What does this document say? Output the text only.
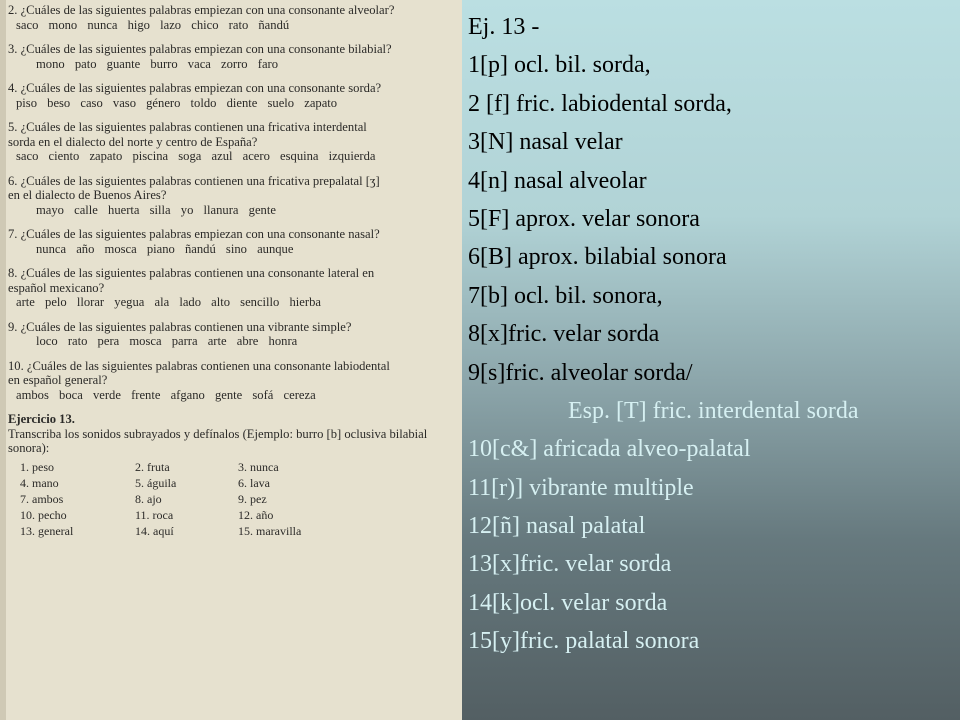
2. ¿Cuáles de las siguientes palabras empiezan con una consonante alveolar?
saco mono nunca higo lazo chico rato ñandú
3. ¿Cuáles de las siguientes palabras empiezan con una consonante bilabial?
mono pato guante burro vaca zorro faro
4. ¿Cuáles de las siguientes palabras empiezan con una consonante sorda?
piso beso caso vaso género toldo diente suelo zapato
5. ¿Cuáles de las siguientes palabras contienen una fricativa interdental
sorda en el dialecto del norte y centro de España?
saco ciento zapato piscina soga azul acero esquina izquierda
6. ¿Cuáles de las siguientes palabras contienen una fricativa prepalatal [ʒ]
en el dialecto de Buenos Aires?
mayo calle huerta silla yo llanura gente
7. ¿Cuáles de las siguientes palabras empiezan con una consonante nasal?
nunca año mosca piano ñandú sino aunque
8. ¿Cuáles de las siguientes palabras contienen una consonante lateral en
español mexicano?
arte pelo llorar yegua ala lado alto sencillo hierba
9. ¿Cuáles de las siguientes palabras contienen una vibrante simple?
loco rato pera mosca parra arte abre honra
10. ¿Cuáles de las siguientes palabras contienen una consonante labiodental
en español general?
ambos boca verde frente afgano gente sofá cereza
Ejercicio 13.
Transcriba los sonidos subrayados y defínalos (Ejemplo: burro [b] oclusiva bilabial sonora):
1. peso	2. fruta	3. nunca
4. mano	5. águila	6. lava
7. ambos	8. ajo	9. pez
10. pecho	11. roca	12. año
13. general	14. aquí	15. maravilla
Ej. 13 -
1[p] ocl. bil. sorda,
2 [f] fric. labiodental sorda,
3[N] nasal velar
4[n] nasal alveolar
5[F] aprox. velar sonora
6[B] aprox. bilabial sonora
7[b] ocl. bil. sonora,
8[x]fric. velar sorda
9[s]fric. alveolar sorda/
Esp. [T] fric. interdental sorda
10[c&] africada alveo-palatal
11[r)] vibrante multiple
12[ñ] nasal palatal
13[x]fric. velar sorda
14[k]ocl. velar sorda
15[y]fric. palatal sonora
